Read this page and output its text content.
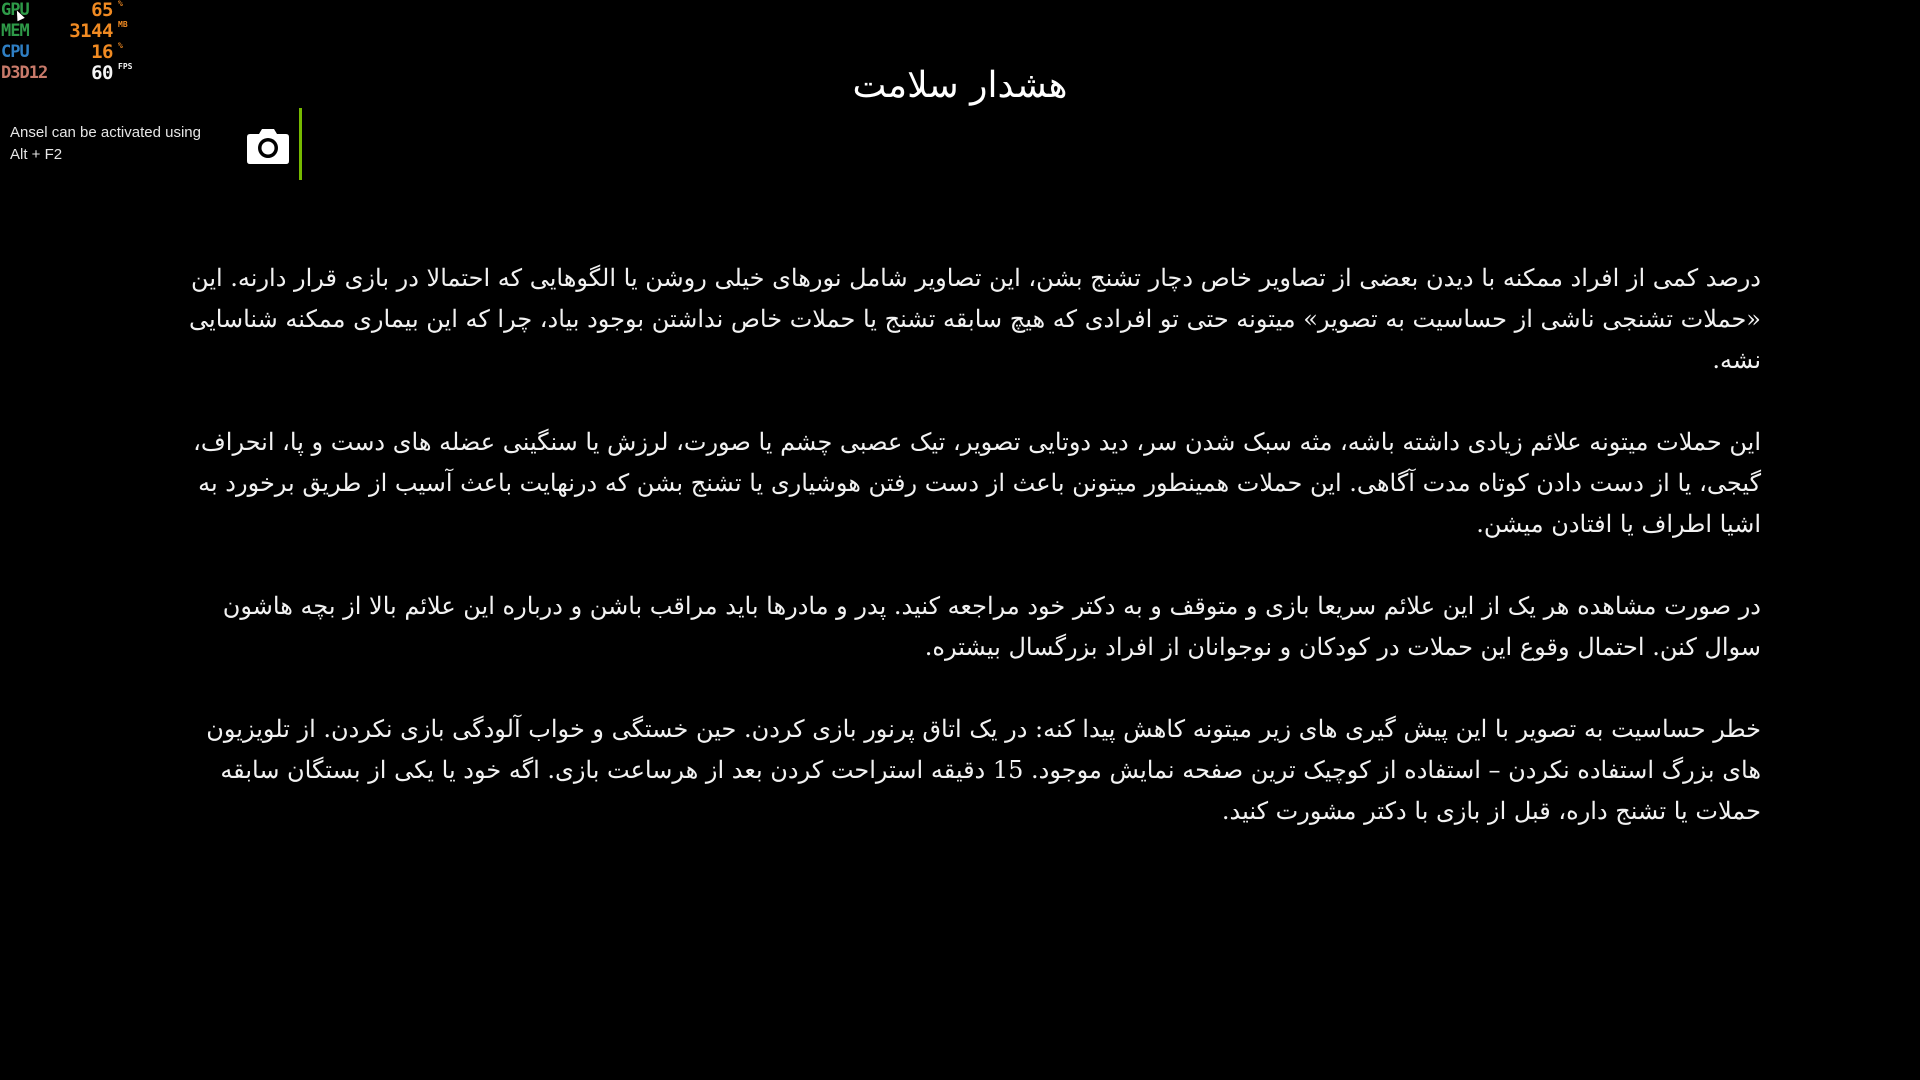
GPU	65 %
MEM 3144 MB
CPU	16 %
D3D12 60 FPS
Ansel can be activated using
Alt + F2
هشدار سلامت

درصد کمی از افراد ممکنه با دیدن بعضی از تصاویر خاص دچار تشنج بشن، این تصاویر شامل نورهای خیلی روشن یا الگوهایی که احتمالا در بازی قرار دارنه. این «حملات تشنجی ناشی از حساسیت به تصویر» میتونه حتی تو افرادی که هیچ سابقه تشنج یا حملات خاص نداشتن بوجود بیاد، چرا که این بیماری ممکنه شناسایی نشه.

این حملات میتونه علائم زیادی داشته باشه، مثه سبک شدن سر، دید دوتایی تصویر، تیک عصبی چشم یا صورت، لرزش یا سنگینی عضله های دست و پا، انحراف، گیجی، یا از دست دادن کوتاه مدت آگاهی. این حملات همینطور میتونن باعث از دست رفتن هوشیاری یا تشنج بشن که درنهایت باعث آسیب از طریق برخورد به اشیا اطراف یا افتادن میشن.

در صورت مشاهده هر یک از این علائم سریعا بازی و متوقف و به دکتر خود مراجعه کنید. پدر و مادرها باید مراقب باشن و درباره این علائم بالا از بچه هاشون سوال کنن. احتمال وقوع این حملات در کودکان و نوجوانان از افراد بزرگسال بیشتره.

خطر حساسیت به تصویر با این پیش گیری های زیر میتونه کاهش پیدا کنه: در یک اتاق پرنور بازی کردن. حین خستگی و خواب آلودگی بازی نکردن. از تلویزیون های بزرگ استفاده نکردن – استفاده از کوچیک ترین صفحه نمایش موجود. 15 دقیقه استراحت کردن بعد از هرساعت بازی. اگه خود یا یکی از بستگان سابقه حملات یا تشنج داره، قبل از بازی با دکتر مشورت کنید.
